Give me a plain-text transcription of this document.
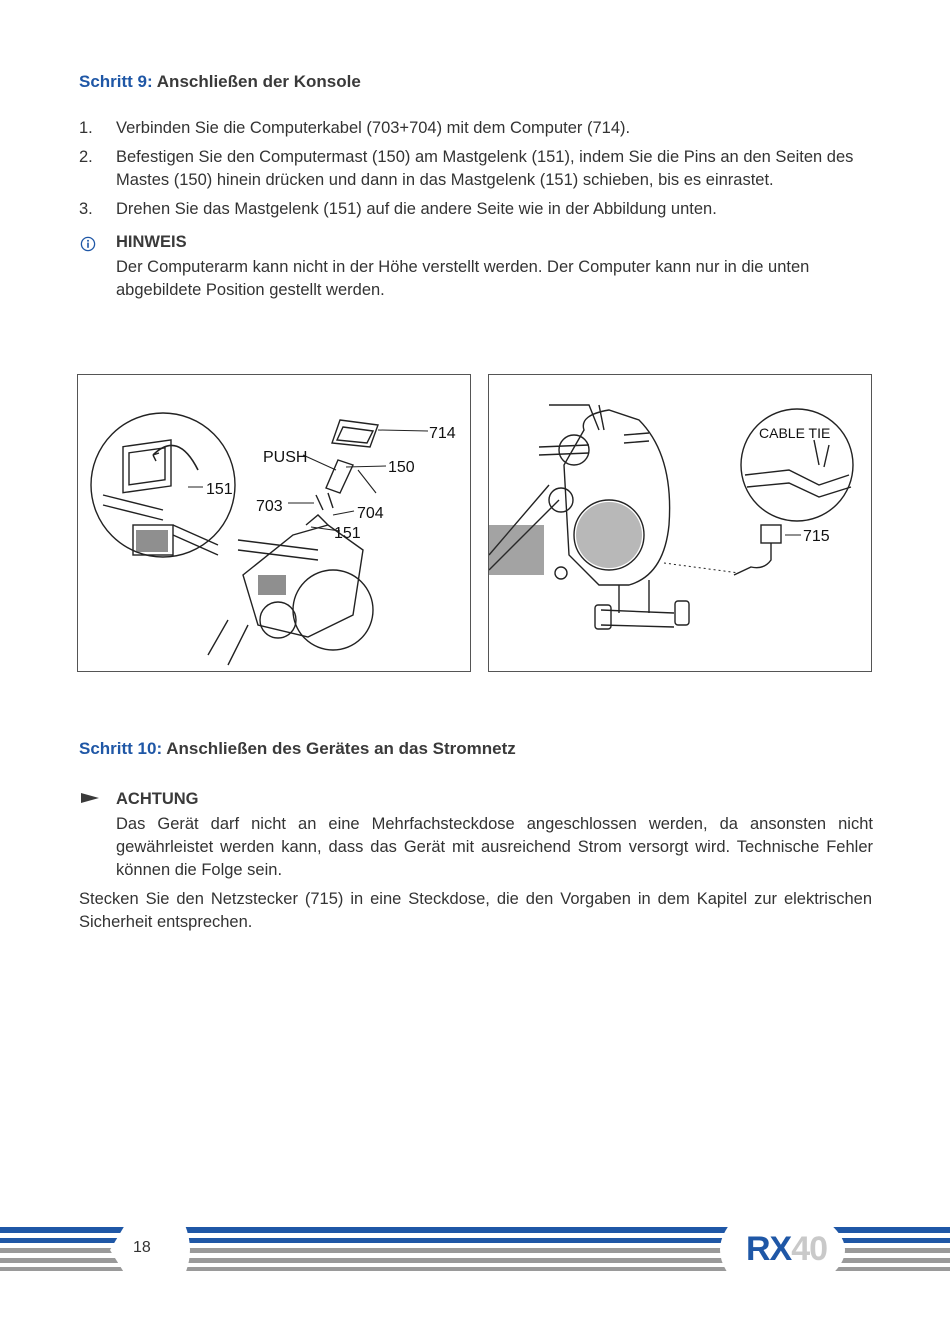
Schritt 9: Anschließen der Konsole
1. Verbinden Sie die Computerkabel (703+704) mit dem Computer (714).
2. Befestigen Sie den Computermast (150) am Mastgelenk (151), indem Sie die Pins an den Seiten des Mastes (150) hinein drücken und dann in das Mastgelenk (151) schieben, bis es einrastet.
3. Drehen Sie das Mastgelenk (151) auf die andere Seite wie in der Abbildung unten.
HINWEIS
Der Computerarm kann nicht in der Höhe verstellt werden. Der Computer kann nur in die unten abgebildete Position gestellt werden.
714
PUSH
150
151
703	704
151
CABLE TIE
715
Schritt 10: Anschließen des Gerätes an das Stromnetz
ACHTUNG
Das Gerät darf nicht an eine Mehrfachsteckdose angeschlossen werden, da ansonsten nicht gewährleistet werden kann, dass das Gerät mit ausreichend Strom versorgt wird. Technische Fehler können die Folge sein.
Stecken Sie den Netzstecker (715) in eine Steckdose, die den Vorgaben in dem Kapitel zur elektrischen Sicherheit entsprechen.
18	RX40
